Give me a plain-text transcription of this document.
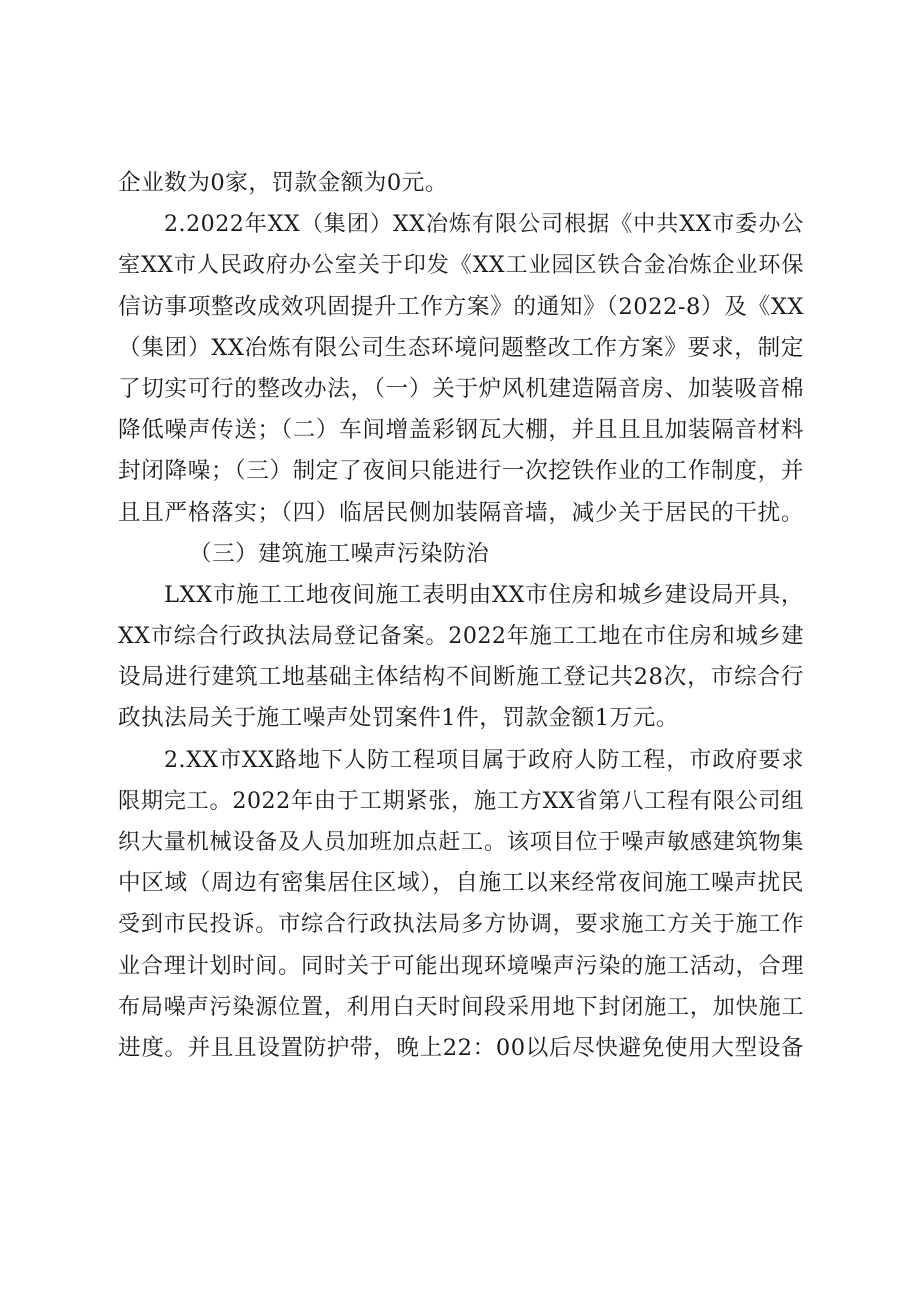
企业数为0家，罚款金额为0元。
2.2022年XX（集团）XX冶炼有限公司根据《中共XX市委办公
室XX市人民政府办公室关于印发《XX工业园区铁合金冶炼企业环保
信访事项整改成效巩固提升工作方案》的通知》（2022-8）及《XX
（集团）XX冶炼有限公司生态环境问题整改工作方案》要求，制定
了切实可行的整改办法，（一）关于炉风机建造隔音房、加装吸音棉
降低噪声传送；（二）车间增盖彩钢瓦大棚，并且且且加装隔音材料
封闭降噪；（三）制定了夜间只能进行一次挖铁作业的工作制度，并
且且严格落实；（四）临居民侧加装隔音墙，减少关于居民的干扰。
（三）建筑施工噪声污染防治
LXX市施工工地夜间施工表明由XX市住房和城乡建设局开具，
XX市综合行政执法局登记备案。2022年施工工地在市住房和城乡建
设局进行建筑工地基础主体结构不间断施工登记共28次，市综合行
政执法局关于施工噪声处罚案件1件，罚款金额1万元。
2.XX市XX路地下人防工程项目属于政府人防工程，市政府要求
限期完工。2022年由于工期紧张，施工方XX省第八工程有限公司组
织大量机械设备及人员加班加点赶工。该项目位于噪声敏感建筑物集
中区域（周边有密集居住区域），自施工以来经常夜间施工噪声扰民
受到市民投诉。市综合行政执法局多方协调，要求施工方关于施工作
业合理计划时间。同时关于可能出现环境噪声污染的施工活动，合理
布局噪声污染源位置，利用白天时间段采用地下封闭施工，加快施工
进度。并且且设置防护带，晚上22：00以后尽快避免使用大型设备
